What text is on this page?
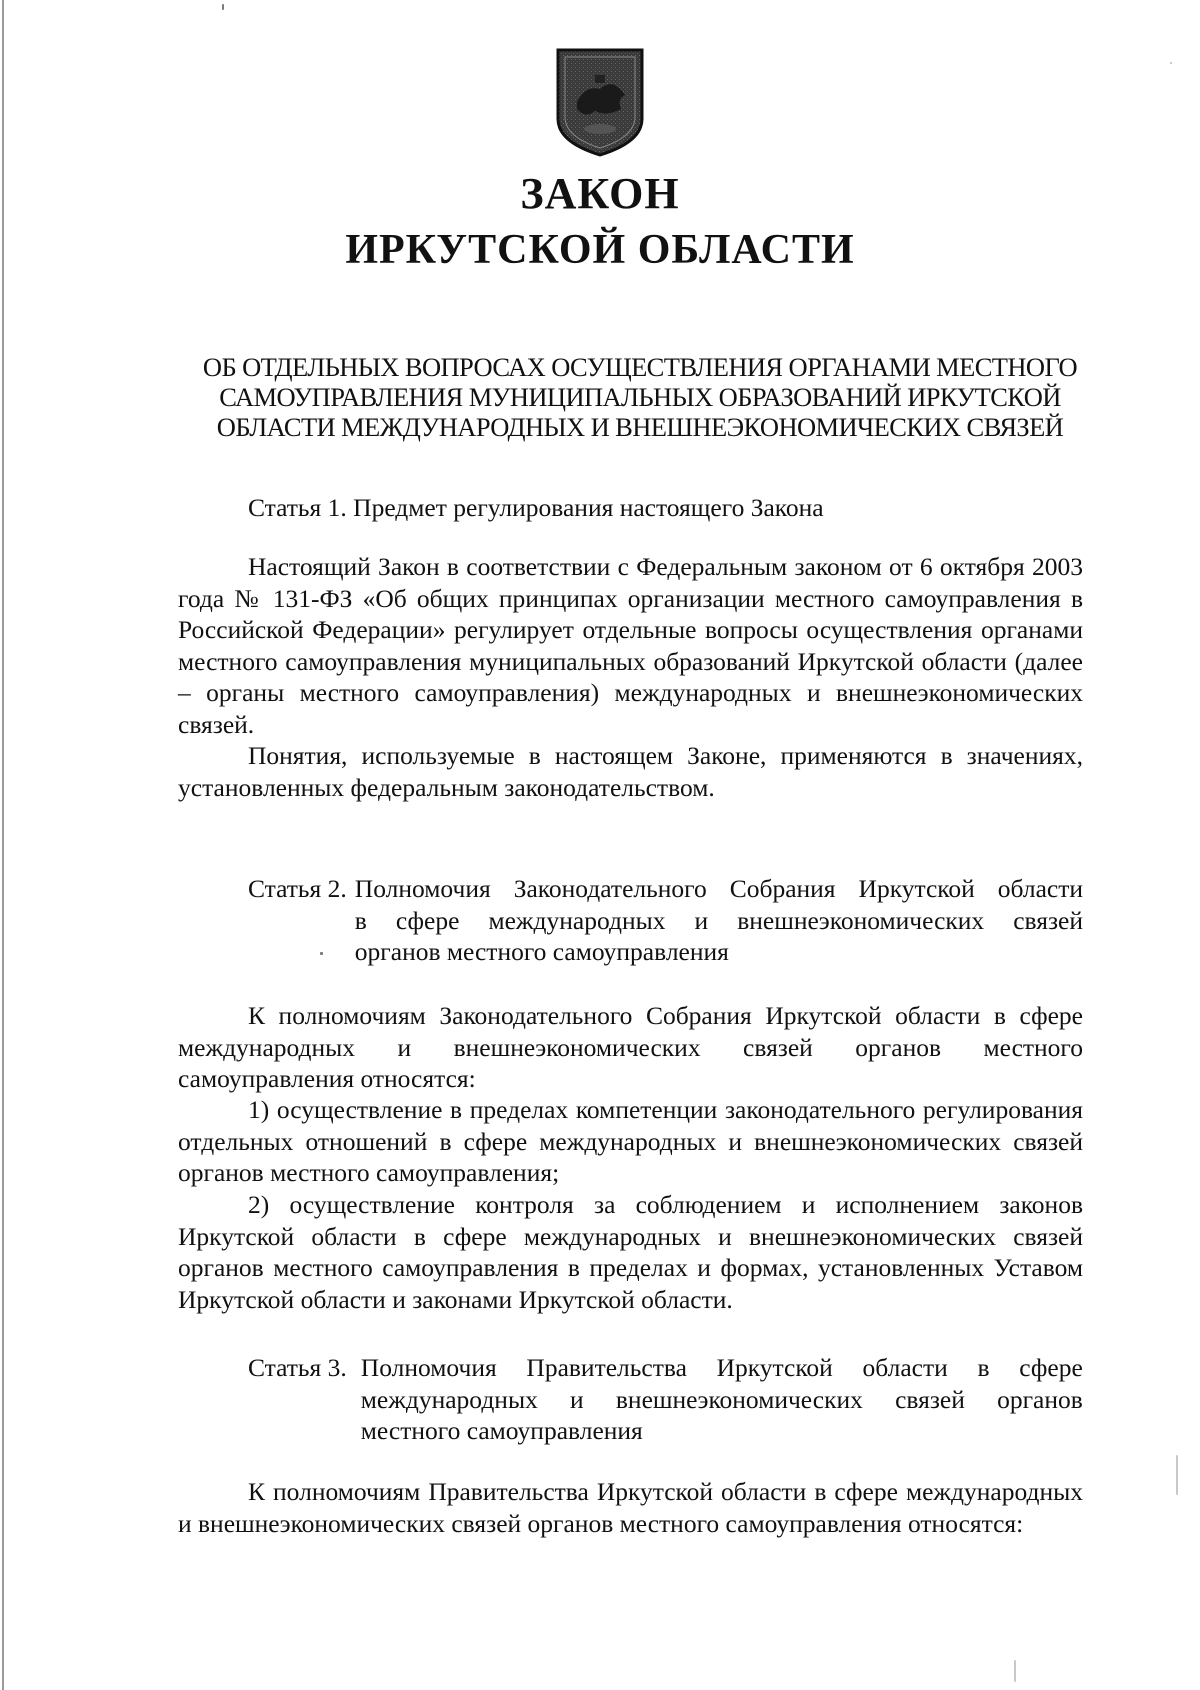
ЗАКОН
ИРКУТСКОЙ ОБЛАСТИ

ОБ ОТДЕЛЬНЫХ ВОПРОСАХ ОСУЩЕСТВЛЕНИЯ ОРГАНАМИ МЕСТНОГО САМОУПРАВЛЕНИЯ МУНИЦИПАЛЬНЫХ ОБРАЗОВАНИЙ ИРКУТСКОЙ ОБЛАСТИ МЕЖДУНАРОДНЫХ И ВНЕШНЕЭКОНОМИЧЕСКИХ СВЯЗЕЙ

Статья 1. Предмет регулирования настоящего Закона

Настоящий Закон в соответствии с Федеральным законом от 6 октября 2003 года № 131-ФЗ «Об общих принципах организации местного самоуправления в Российской Федерации» регулирует отдельные вопросы осуществления органами местного самоуправления муниципальных образований Иркутской области (далее – органы местного самоуправления) международных и внешнеэкономических связей.

Понятия, используемые в настоящем Законе, применяются в значениях, установленных федеральным законодательством.

Статья 2. Полномочия Законодательного Собрания Иркутской области
в сфере международных и внешнеэкономических связей
органов местного самоуправления

К полномочиям Законодательного Собрания Иркутской области в сфере международных и внешнеэкономических связей органов местного самоуправления относятся:

1) осуществление в пределах компетенции законодательного регулирования отдельных отношений в сфере международных и внешнеэкономических связей органов местного самоуправления;

2) осуществление контроля за соблюдением и исполнением законов Иркутской области в сфере международных и внешнеэкономических связей органов местного самоуправления в пределах и формах, установленных Уставом Иркутской области и законами Иркутской области.

Статья 3. Полномочия Правительства Иркутской области в сфере
международных и внешнеэкономических связей органов
местного самоуправления

К полномочиям Правительства Иркутской области в сфере международных и внешнеэкономических связей органов местного самоуправления относятся:
